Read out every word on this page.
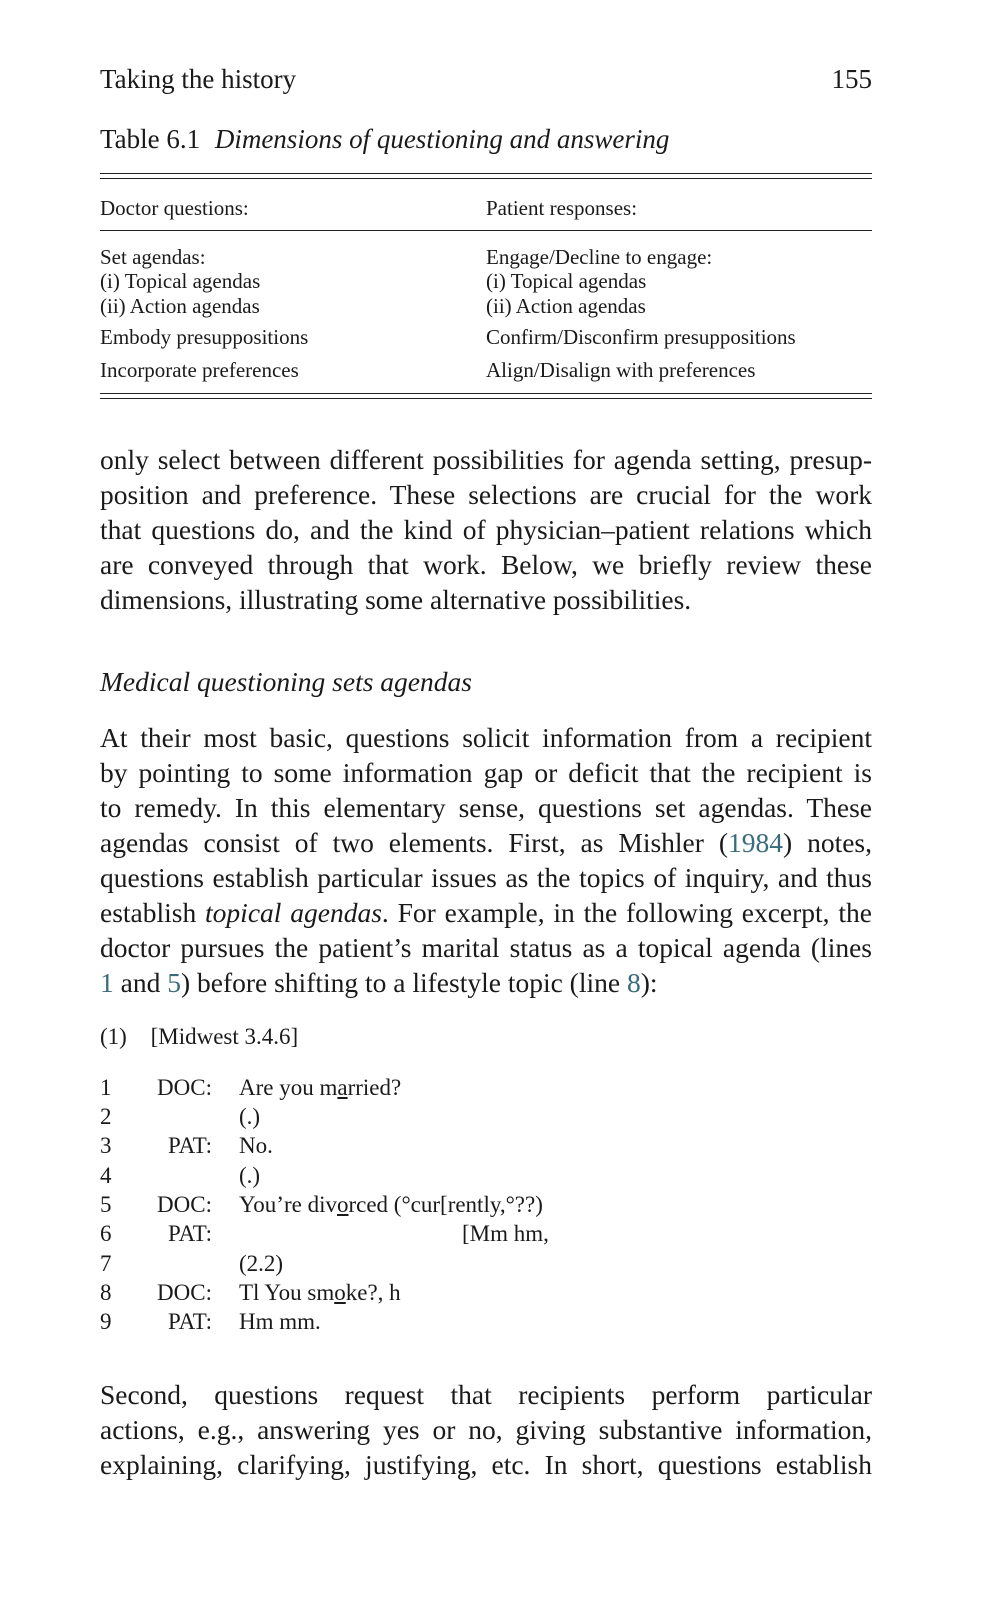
Taking the history	155
Table 6.1 Dimensions of questioning and answering
Doctor questions:	Patient responses:
Set agendas:	Engage/Decline to engage:
(i) Topical agendas	(i) Topical agendas
(ii) Action agendas	(ii) Action agendas
Embody presuppositions	Confirm/Disconfirm presuppositions
Incorporate preferences	Align/Disalign with preferences
only select between different possibilities for agenda setting, presup-
position and preference. These selections are crucial for the work
that questions do, and the kind of physician–patient relations which
are conveyed through that work. Below, we briefly review these
dimensions, illustrating some alternative possibilities.
Medical questioning sets agendas
At their most basic, questions solicit information from a recipient
by pointing to some information gap or deficit that the recipient is
to remedy. In this elementary sense, questions set agendas. These
agendas consist of two elements. First, as Mishler (1984) notes,
questions establish particular issues as the topics of inquiry, and thus
establish topical agendas. For example, in the following excerpt, the
doctor pursues the patient’s marital status as a topical agenda (lines
1 and 5) before shifting to a lifestyle topic (line 8):
(1) [Midwest 3.4.6]
1	DOC: Are you married?
2	(.)
3	PAT: No.
4	(.)
5	DOC: You’re divorced (°cur[rently,°??)
6	PAT:	[Mm hm,
7	(2.2)
8	DOC: Tl You smoke?, h
9	PAT: Hm mm.
Second, questions request that recipients perform particular
actions, e.g., answering yes or no, giving substantive information,
explaining, clarifying, justifying, etc. In short, questions establish
